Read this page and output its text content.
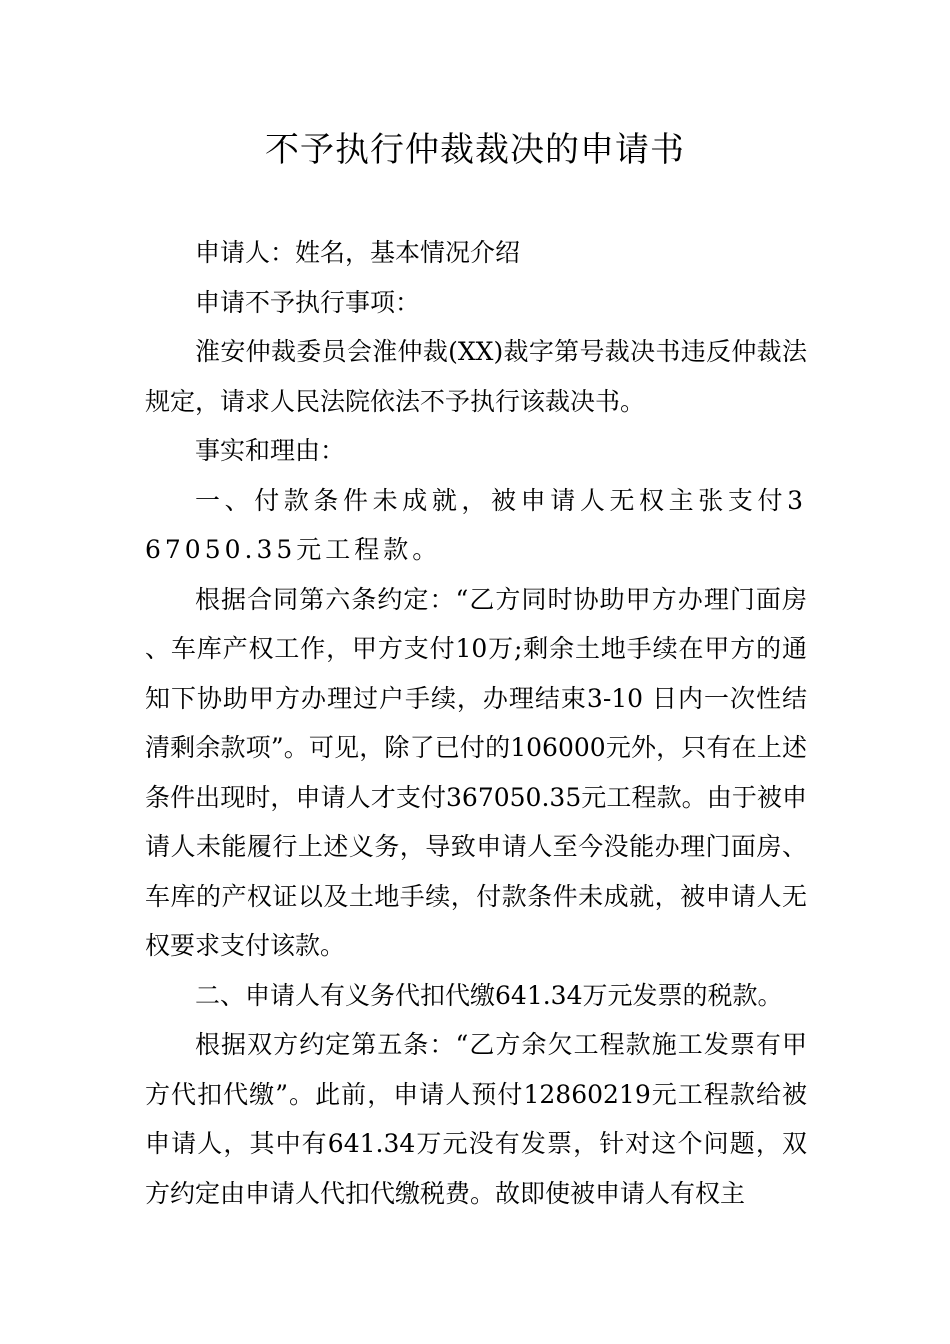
不予执行仲裁裁决的申请书

申请人：姓名，基本情况介绍

申请不予执行事项：

淮安仲裁委员会淮仲裁(XX)裁字第号裁决书违反仲裁法规定，请求人民法院依法不予执行该裁决书。

事实和理由：

一、付款条件未成就，被申请人无权主张支付367050.35元工程款。

根据合同第六条约定：“乙方同时协助甲方办理门面房、车库产权工作，甲方支付10万;剩余土地手续在甲方的通知下协助甲方办理过户手续，办理结束3-10 日内一次性结清剩余款项”。可见，除了已付的106000元外，只有在上述条件出现时，申请人才支付367050.35元工程款。由于被申请人未能履行上述义务，导致申请人至今没能办理门面房、车库的产权证以及土地手续，付款条件未成就，被申请人无权要求支付该款。

二、申请人有义务代扣代缴641.34万元发票的税款。

根据双方约定第五条：“乙方余欠工程款施工发票有甲方代扣代缴”。此前，申请人预付12860219元工程款给被申请人，其中有641.34万元没有发票，针对这个问题，双方约定由申请人代扣代缴税费。故即使被申请人有权主
